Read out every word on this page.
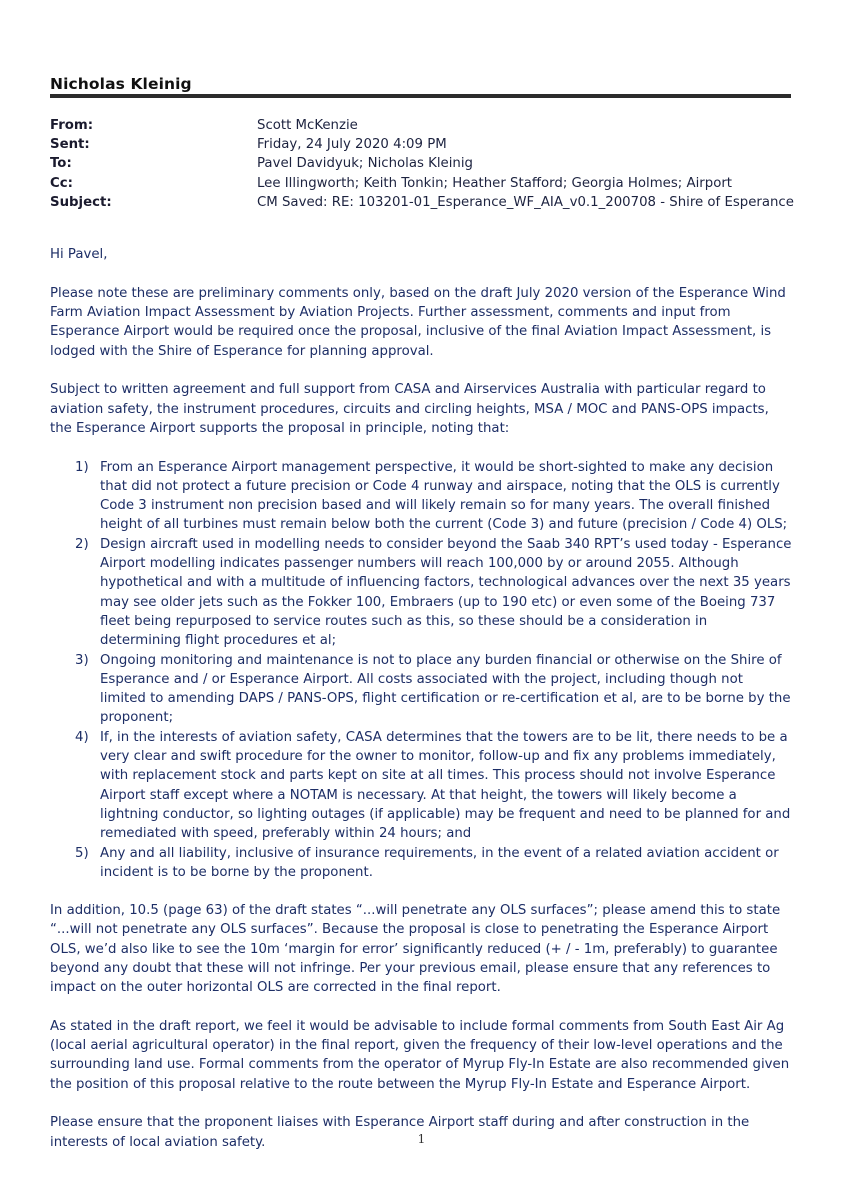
Nicholas Kleinig
From:	Scott McKenzie
Sent:	Friday, 24 July 2020 4:09 PM
To:	Pavel Davidyuk; Nicholas Kleinig
Cc:	Lee Illingworth; Keith Tonkin; Heather Stafford; Georgia Holmes; Airport
Subject:	CM Saved: RE: 103201-01_Esperance_WF_AIA_v0.1_200708 - Shire of Esperance

Hi Pavel,

Please note these are preliminary comments only, based on the draft July 2020 version of the Esperance Wind Farm Aviation Impact Assessment by Aviation Projects. Further assessment, comments and input from Esperance Airport would be required once the proposal, inclusive of the final Aviation Impact Assessment, is lodged with the Shire of Esperance for planning approval.

Subject to written agreement and full support from CASA and Airservices Australia with particular regard to aviation safety, the instrument procedures, circuits and circling heights, MSA / MOC and PANS-OPS impacts, the Esperance Airport supports the proposal in principle, noting that:

1) From an Esperance Airport management perspective, it would be short-sighted to make any decision that did not protect a future precision or Code 4 runway and airspace, noting that the OLS is currently Code 3 instrument non precision based and will likely remain so for many years. The overall finished height of all turbines must remain below both the current (Code 3) and future (precision / Code 4) OLS;
2) Design aircraft used in modelling needs to consider beyond the Saab 340 RPT’s used today - Esperance Airport modelling indicates passenger numbers will reach 100,000 by or around 2055. Although hypothetical and with a multitude of influencing factors, technological advances over the next 35 years may see older jets such as the Fokker 100, Embraers (up to 190 etc) or even some of the Boeing 737 fleet being repurposed to service routes such as this, so these should be a consideration in determining flight procedures et al;
3) Ongoing monitoring and maintenance is not to place any burden financial or otherwise on the Shire of Esperance and / or Esperance Airport. All costs associated with the project, including though not limited to amending DAPS / PANS-OPS, flight certification or re-certification et al, are to be borne by the proponent;
4) If, in the interests of aviation safety, CASA determines that the towers are to be lit, there needs to be a very clear and swift procedure for the owner to monitor, follow-up and fix any problems immediately, with replacement stock and parts kept on site at all times. This process should not involve Esperance Airport staff except where a NOTAM is necessary. At that height, the towers will likely become a lightning conductor, so lighting outages (if applicable) may be frequent and need to be planned for and remediated with speed, preferably within 24 hours; and
5) Any and all liability, inclusive of insurance requirements, in the event of a related aviation accident or incident is to be borne by the proponent.

In addition, 10.5 (page 63) of the draft states “...will penetrate any OLS surfaces”; please amend this to state “...will not penetrate any OLS surfaces”. Because the proposal is close to penetrating the Esperance Airport OLS, we’d also like to see the 10m ‘margin for error’ significantly reduced (+ / - 1m, preferably) to guarantee beyond any doubt that these will not infringe. Per your previous email, please ensure that any references to impact on the outer horizontal OLS are corrected in the final report.

As stated in the draft report, we feel it would be advisable to include formal comments from South East Air Ag (local aerial agricultural operator) in the final report, given the frequency of their low-level operations and the surrounding land use. Formal comments from the operator of Myrup Fly-In Estate are also recommended given the position of this proposal relative to the route between the Myrup Fly-In Estate and Esperance Airport.

Please ensure that the proponent liaises with Esperance Airport staff during and after construction in the interests of local aviation safety.	1
